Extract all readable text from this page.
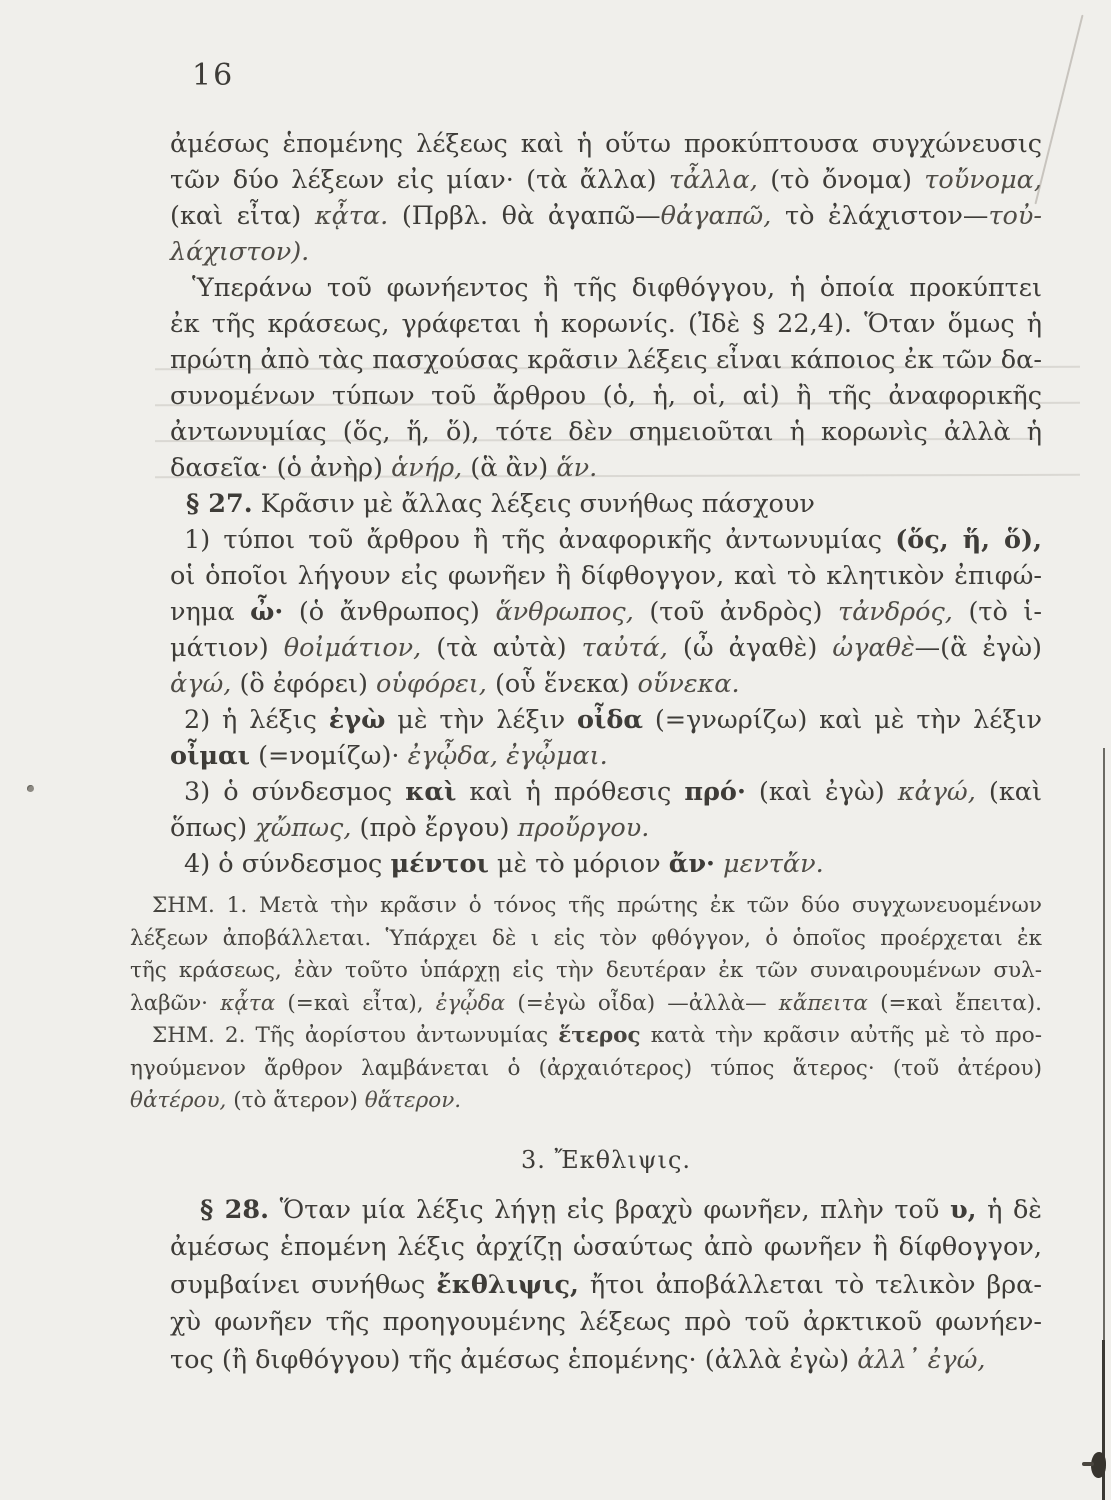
16
ἀμέσως ἑπομένης λέξεως καὶ ἡ οὕτω προκύπτουσα συγχώνευσις
τῶν δύο λέξεων εἰς μίαν· (τὰ ἄλλα) τἆλλα, (τὸ ὄνομα) τοὔνομα,
(καὶ εἶτα) κᾆτα. (Πρβλ. θὰ ἀγαπῶ—θἀγαπῶ, τὸ ἐλάχιστον—τοὐ-
λάχιστον).
Ὑπεράνω τοῦ φωνήεντος ἢ τῆς διφθόγγου, ἡ ὁποία προκύπτει
ἐκ τῆς κράσεως, γράφεται ἡ κορωνίς. (Ἰδὲ § 22,4). Ὅταν ὅμως ἡ
πρώτη ἀπὸ τὰς πασχούσας κρᾶσιν λέξεις εἶναι κάποιος ἐκ τῶν δα-
συνομένων τύπων τοῦ ἄρθρου (ὁ, ἡ, οἱ, αἱ) ἢ τῆς ἀναφορικῆς
ἀντωνυμίας (ὅς, ἥ, ὅ), τότε δὲν σημειοῦται ἡ κορωνὶς ἀλλὰ ἡ
δασεῖα· (ὁ ἀνὴρ) ἁνήρ, (ἃ ἂν) ἅν.
§ 27. Κρᾶσιν μὲ ἄλλας λέξεις συνήθως πάσχουν
1) τύποι τοῦ ἄρθρου ἢ τῆς ἀναφορικῆς ἀντωνυμίας (ὅς, ἥ, ὅ),
οἱ ὁποῖοι λήγουν εἰς φωνῆεν ἢ δίφθογγον, καὶ τὸ κλητικὸν ἐπιφώ-
νημα ὦ· (ὁ ἄνθρωπος) ἅνθρωπος, (τοῦ ἀνδρὸς) τἀνδρός, (τὸ ἱ-
μάτιον) θοἰμάτιον, (τὰ αὐτὰ) ταὐτά, (ὦ ἀγαθὲ) ὠγαθὲ—(ἃ ἐγὼ)
ἁγώ, (ὃ ἐφόρει) οὑφόρει, (οὗ ἕνεκα) οὕνεκα.
2) ἡ λέξις ἐγὼ μὲ τὴν λέξιν οἶδα (=γνωρίζω) καὶ μὲ τὴν λέξιν
οἶμαι (=νομίζω)· ἐγᾦδα, ἐγᾦμαι.
3) ὁ σύνδεσμος καὶ καὶ ἡ πρόθεσις πρό· (καὶ ἐγὼ) κἀγώ, (καὶ
ὅπως) χὤπως, (πρὸ ἔργου) προὔργου.
4) ὁ σύνδεσμος μέντοι μὲ τὸ μόριον ἄν· μεντἄν.
ΣΗΜ. 1. Μετὰ τὴν κρᾶσιν ὁ τόνος τῆς πρώτης ἐκ τῶν δύο συγχωνευομένων
λέξεων ἀποβάλλεται. Ὑπάρχει δὲ ι εἰς τὸν φθόγγον, ὁ ὁποῖος προέρχεται ἐκ
τῆς κράσεως, ἐὰν τοῦτο ὑπάρχῃ εἰς τὴν δευτέραν ἐκ τῶν συναιρουμένων συλ-
λαβῶν· κᾆτα (=καὶ εἶτα), ἐγᾦδα (=ἐγὼ οἶδα) —ἀλλὰ— κἄπειτα (=καὶ ἔπειτα).
ΣΗΜ. 2. Τῆς ἀορίστου ἀντωνυμίας ἕτερος κατὰ τὴν κρᾶσιν αὐτῆς μὲ τὸ προ-
ηγούμενον ἄρθρον λαμβάνεται ὁ (ἀρχαιότερος) τύπος ἅτερος· (τοῦ ἀτέρου)
θἀτέρου, (τὸ ἅτερον) θἅτερον.
3. Ἔκθλιψις.
§ 28. Ὅταν μία λέξις λήγῃ εἰς βραχὺ φωνῆεν, πλὴν τοῦ υ, ἡ δὲ
ἀμέσως ἑπομένη λέξις ἀρχίζῃ ὡσαύτως ἀπὸ φωνῆεν ἢ δίφθογγον,
συμβαίνει συνήθως ἔκθλιψις, ἤτοι ἀποβάλλεται τὸ τελικὸν βρα-
χὺ φωνῆεν τῆς προηγουμένης λέξεως πρὸ τοῦ ἀρκτικοῦ φωνήεν-
τος (ἢ διφθόγγου) τῆς ἀμέσως ἑπομένης· (ἀλλὰ ἐγὼ) ἀλλ᾽ ἐγώ,
